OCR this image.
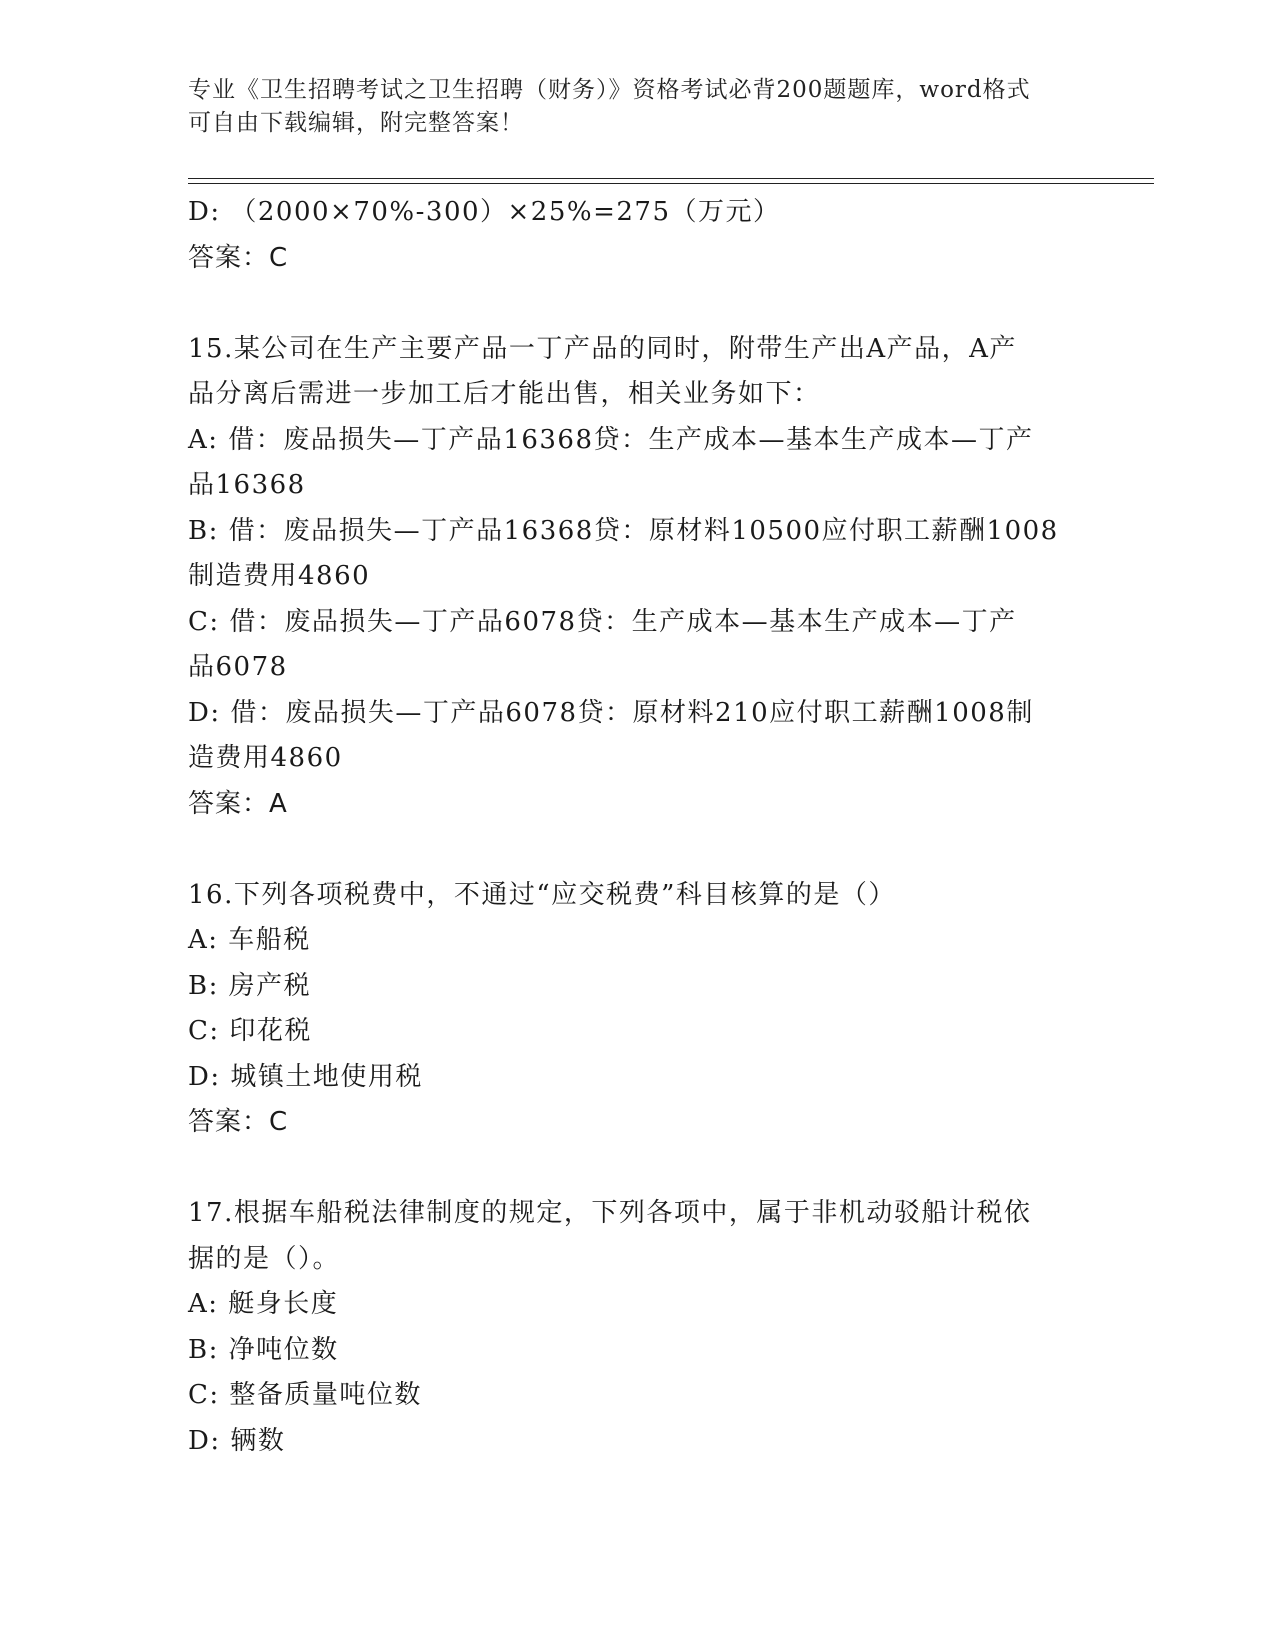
专业《卫生招聘考试之卫生招聘（财务）》资格考试必背200题题库，word格式
可自由下载编辑，附完整答案！
D: （2000×70%-300）×25%=275（万元）
答案：C
15.某公司在生产主要产品一丁产品的同时，附带生产出A产品，A产
品分离后需进一步加工后才能出售，相关业务如下：
A: 借：废品损失—丁产品16368贷：生产成本—基本生产成本—丁产
品16368
B: 借：废品损失—丁产品16368贷：原材料10500应付职工薪酬1008
制造费用4860
C: 借：废品损失—丁产品6078贷：生产成本—基本生产成本—丁产
品6078
D: 借：废品损失—丁产品6078贷：原材料210应付职工薪酬1008制
造费用4860
答案：A
16.下列各项税费中，不通过“应交税费”科目核算的是（）
A: 车船税
B: 房产税
C: 印花税
D: 城镇土地使用税
答案：C
17.根据车船税法律制度的规定，下列各项中，属于非机动驳船计税依
据的是（）。
A: 艇身长度
B: 净吨位数
C: 整备质量吨位数
D: 辆数
